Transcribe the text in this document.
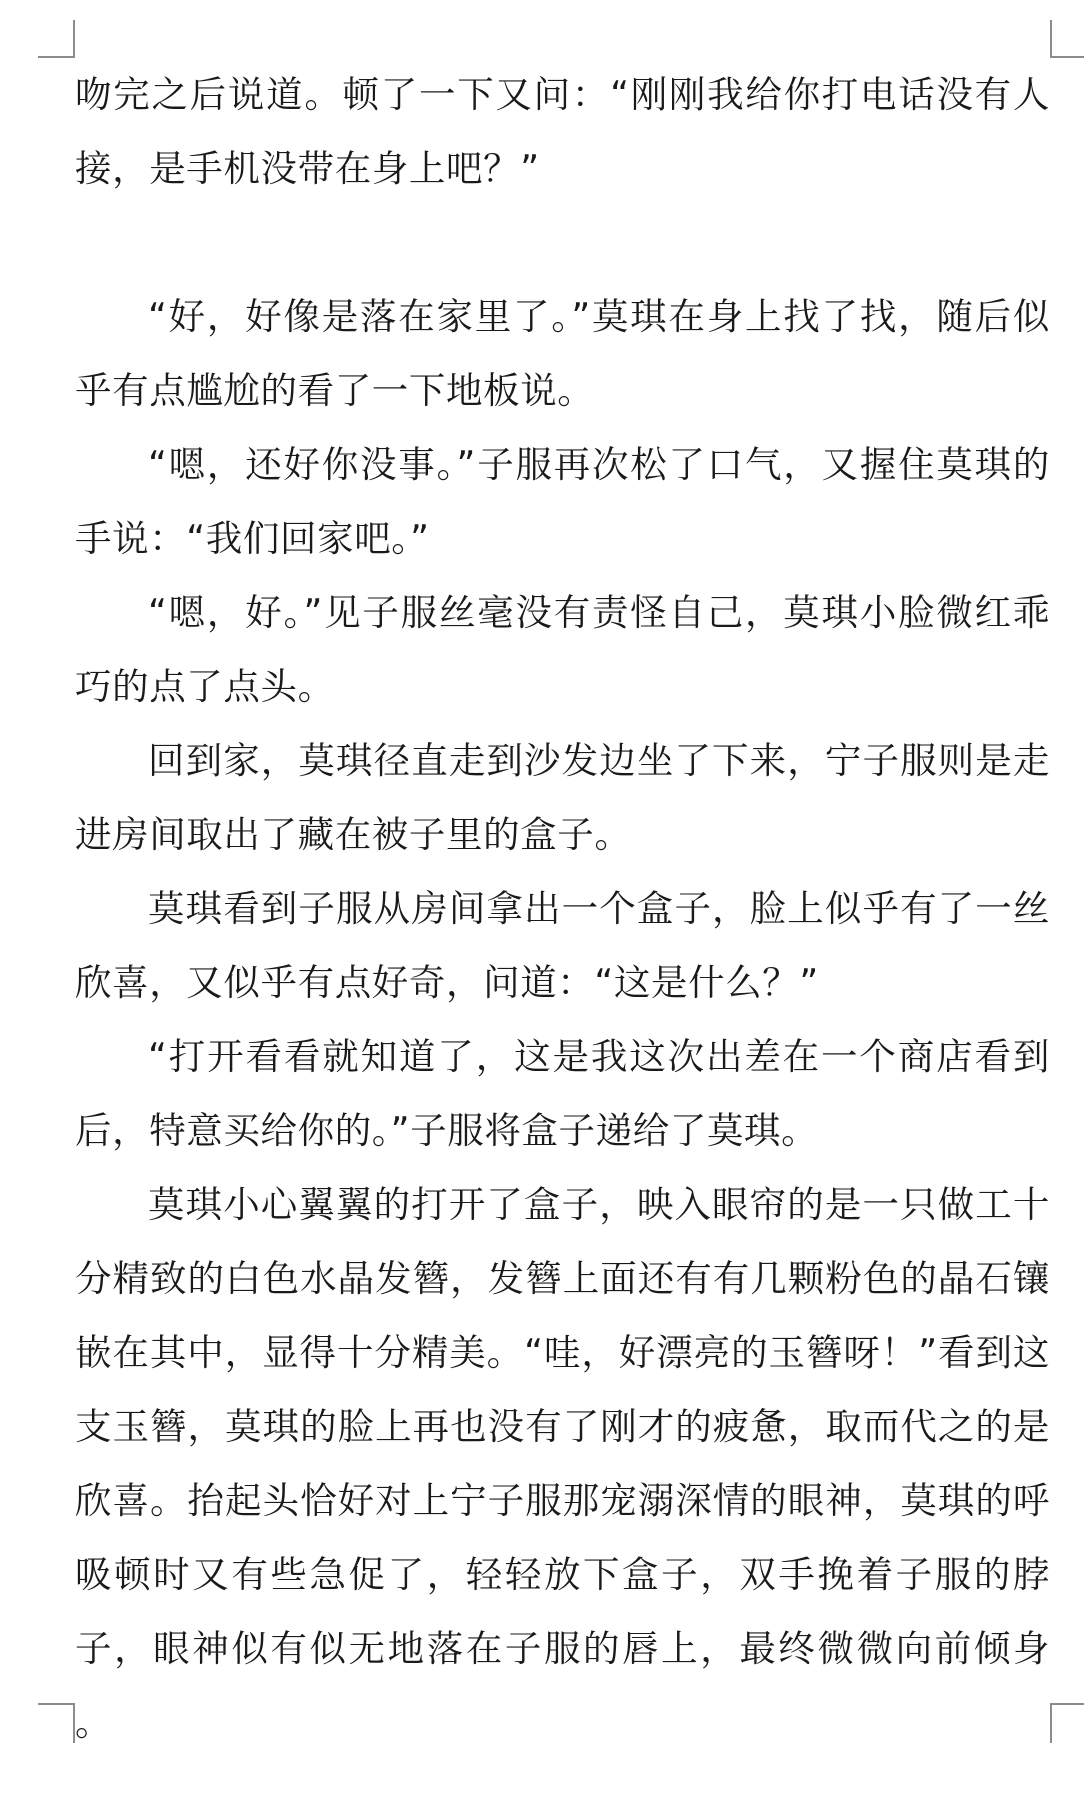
吻完之后说道。顿了一下又问：“刚刚我给你打电话没有人接，是手机没带在身上吧？”

“好，好像是落在家里了。”莫琪在身上找了找，随后似乎有点尴尬的看了一下地板说。

“嗯，还好你没事。”子服再次松了口气，又握住莫琪的手说：“我们回家吧。”

“嗯，好。”见子服丝毫没有责怪自己，莫琪小脸微红乖巧的点了点头。

回到家，莫琪径直走到沙发边坐了下来，宁子服则是走进房间取出了藏在被子里的盒子。

莫琪看到子服从房间拿出一个盒子，脸上似乎有了一丝欣喜，又似乎有点好奇，问道：“这是什么？”

“打开看看就知道了，这是我这次出差在一个商店看到后，特意买给你的。”子服将盒子递给了莫琪。

莫琪小心翼翼的打开了盒子，映入眼帘的是一只做工十分精致的白色水晶发簪，发簪上面还有有几颗粉色的晶石镶嵌在其中，显得十分精美。“哇，好漂亮的玉簪呀！”看到这支玉簪，莫琪的脸上再也没有了刚才的疲惫，取而代之的是欣喜。抬起头恰好对上宁子服那宠溺深情的眼神，莫琪的呼吸顿时又有些急促了，轻轻放下盒子，双手挽着子服的脖子，眼神似有似无地落在子服的唇上，最终微微向前倾身 。
